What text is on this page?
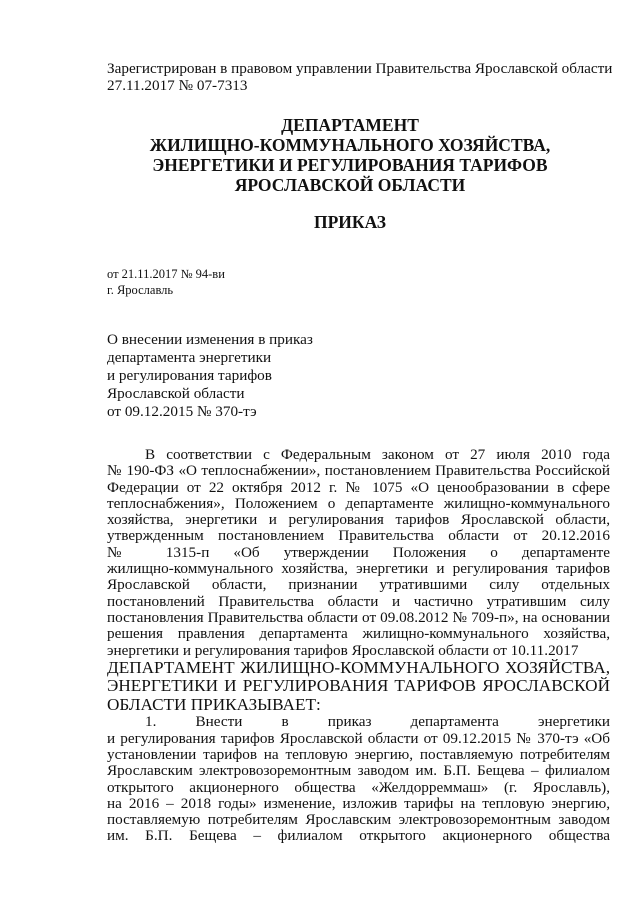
Зарегистрирован в правовом управлении Правительства Ярославской области
27.11.2017 № 07-7313
ДЕПАРТАМЕНТ
ЖИЛИЩНО-КОММУНАЛЬНОГО ХОЗЯЙСТВА,
ЭНЕРГЕТИКИ И РЕГУЛИРОВАНИЯ ТАРИФОВ
ЯРОСЛАВСКОЙ ОБЛАСТИ
ПРИКАЗ
от 21.11.2017 № 94-ви
г. Ярославль
О внесении изменения в приказ
департамента энергетики
и регулирования тарифов
Ярославской области
от 09.12.2015 № 370-тэ
В соответствии с Федеральным законом от 27 июля 2010 года
№ 190-ФЗ «О теплоснабжении», постановлением Правительства Российской
Федерации от 22 октября 2012 г. № 1075 «О ценообразовании в сфере
теплоснабжения», Положением о департаменте жилищно-коммунального
хозяйства, энергетики и регулирования тарифов Ярославской области,
утвержденным постановлением Правительства области от 20.12.2016
№ 1315-п «Об утверждении Положения о департаменте
жилищно-коммунального хозяйства, энергетики и регулирования тарифов
Ярославской области, признании утратившими силу отдельных
постановлений Правительства области и частично утратившим силу
постановления Правительства области от 09.08.2012 № 709-п», на основании
решения правления департамента жилищно-коммунального хозяйства,
энергетики и регулирования тарифов Ярославской области от 10.11.2017
ДЕПАРТАМЕНТ ЖИЛИЩНО-КОММУНАЛЬНОГО ХОЗЯЙСТВА,
ЭНЕРГЕТИКИ И РЕГУЛИРОВАНИЯ ТАРИФОВ ЯРОСЛАВСКОЙ
ОБЛАСТИ ПРИКАЗЫВАЕТ:
1. Внести в приказ департамента энергетики
и регулирования тарифов Ярославской области от 09.12.2015 № 370-тэ «Об
установлении тарифов на тепловую энергию, поставляемую потребителям
Ярославским электровозоремонтным заводом им. Б.П. Бещева – филиалом
открытого акционерного общества «Желдорреммаш» (г. Ярославль),
на 2016 – 2018 годы» изменение, изложив тарифы на тепловую энергию,
поставляемую потребителям Ярославским электровозоремонтным заводом
им. Б.П. Бещева – филиалом открытого акционерного общества
